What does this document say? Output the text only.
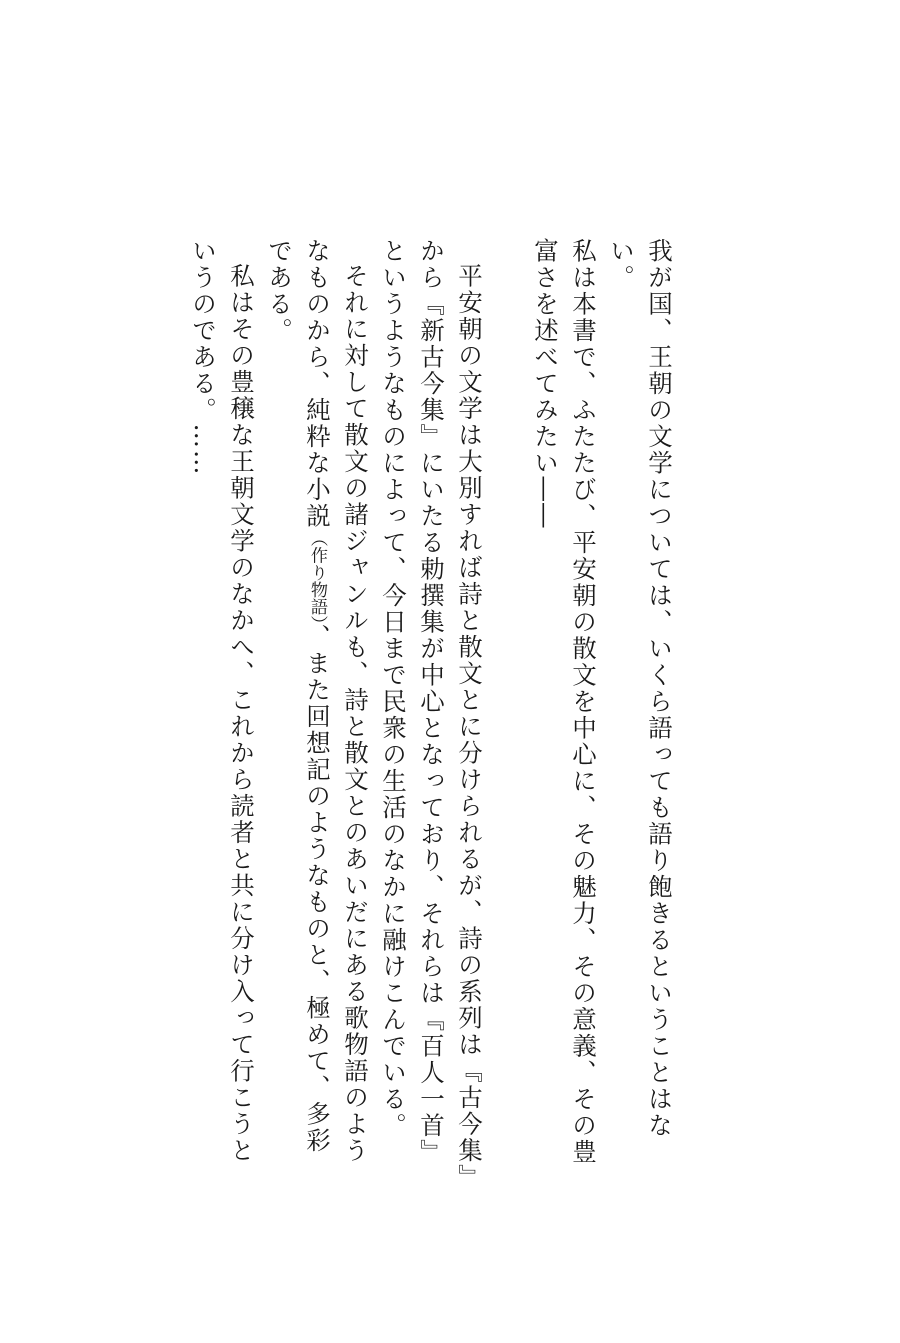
我が国、王朝の文学については、いくら語っても語り飽きるということはない。

私は本書で、ふたたび、平安朝の散文を中心に、その魅力、その意義、その豊富さを述べてみたい――

平安朝の文学は大別すれば詩と散文とに分けられるが、詩の系列は『古今集』から『新古今集』にいたる勅撰集が中心となっており、それらは『百人一首』というようなものによって、今日まで民衆の生活のなかに融けこんでいる。

それに対して散文の諸ジャンルも、詩と散文とのあいだにある歌物語のようなものから、純粋な小説（作り物語）、また回想記のようなものと、極めて、多彩である。

私はその豊穣な王朝文学のなかへ、これから読者と共に分け入って行こうというのである。……
